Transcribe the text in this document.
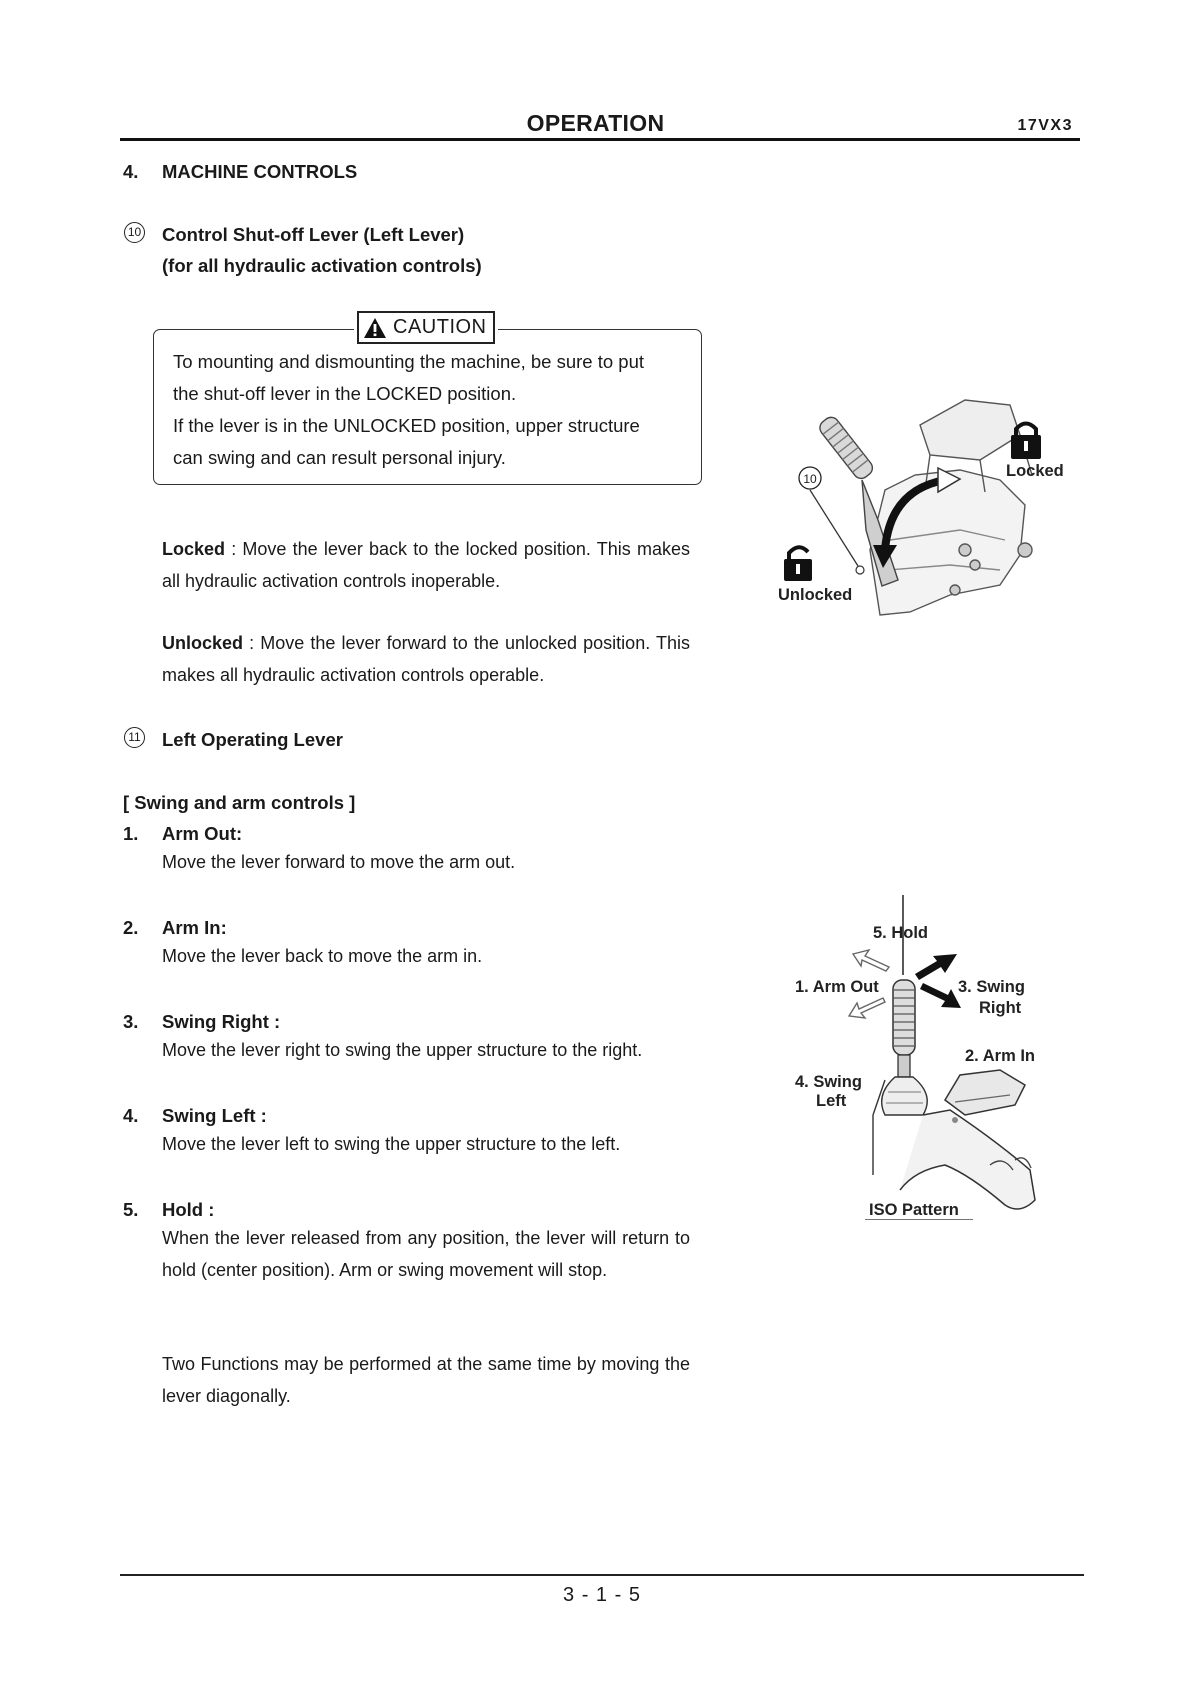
OPERATION	17VX3
4. MACHINE CONTROLS
10 Control Shut-off Lever (Left Lever)
(for all hydraulic activation controls)
CAUTION
To mounting and dismounting the machine, be sure to put
the shut-off lever in the LOCKED position.
If the lever is in the UNLOCKED position, upper structure
can swing and can result personal injury.
Locked : Move the lever back to the locked position. This makes all hydraulic activation controls inoperable.
Unlocked : Move the lever forward to the unlocked position. This makes all hydraulic activation controls operable.
10	Locked
Unlocked
11 Left Operating Lever
[ Swing and arm controls ]
1. Arm Out:
Move the lever forward to move the arm out.
2. Arm In:
Move the lever back to move the arm in.
3. Swing Right :
Move the lever right to swing the upper structure to the right.
4. Swing Left :
Move the lever left to swing the upper structure to the left.
5. Hold :
When the lever released from any position, the lever will return to hold (center position). Arm or swing movement will stop.
Two Functions may be performed at the same time by moving the lever diagonally.
5. Hold
1. Arm Out	3. Swing
Right
2. Arm In
4. Swing
Left
ISO Pattern
3 - 1 - 5
